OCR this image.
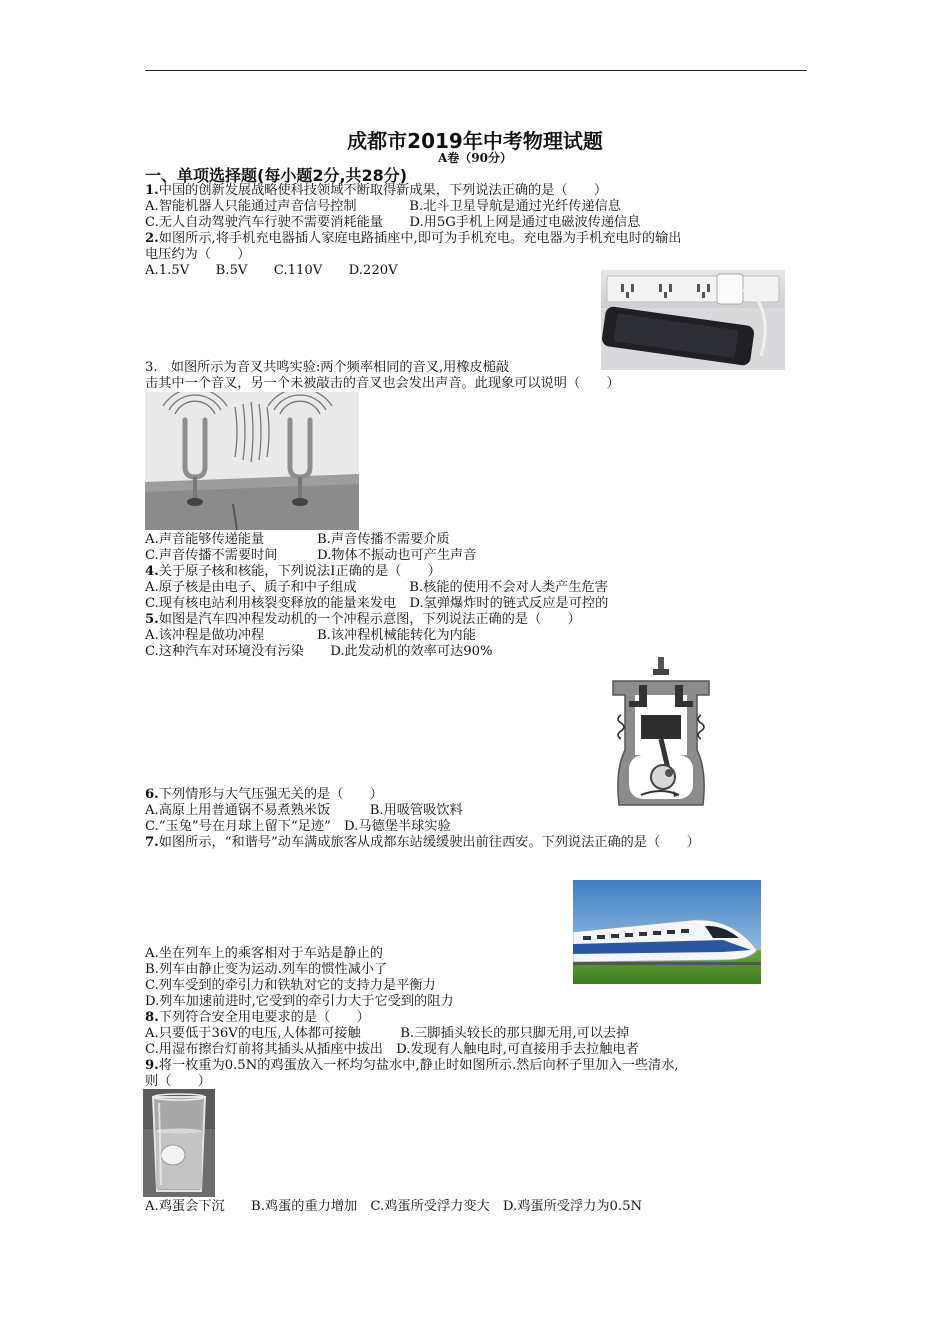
成都市2019年中考物理试题
A卷（90分）
一、单项选择题(每小题2分,共28分)
1.中国的创新发展战略使科技领域不断取得新成果，下列说法正确的是（　　）
A.智能机器人只能通过声音信号控制　　　　B.北斗卫星导航是通过光纤传递信息
C.无人自动驾驶汽车行驶不需要消耗能量　　D.用5G手机上网是通过电磁波传递信息
2.如图所示,将手机充电器插人家庭电路插座中,即可为手机充电。充电器为手机充电时的输出
电压约为（　　）
A.1.5V　　B.5V　　C.110V　　D.220V
3.　如图所示为音叉共鸣实验:两个频率相同的音叉,用橡皮槌敲
击其中一个音叉，另一个未被敲击的音叉也会发出声音。此现象可以说明（　　）
A.声音能够传递能量　　　　B.声音传播不需要介质
C.声音传播不需要时间　　　D.物体不振动也可产生声音
4.关于原子核和核能，下列说法Ⅰ正确的是（　　）
A.原子核是由电子、质子和中子组成　　　　B.核能的使用不会对人类产生危害
C.现有核电站利用核裂变释放的能量来发电　D.氢弹爆炸时的链式反应是可控的
5.如图是汽车四冲程发动机的一个冲程示意图，下列说法正确的是（　　）
A.该冲程是做功冲程　　　　B.该冲程机械能转化为内能
C.这种汽车对环境没有污染　　D.此发动机的效率可达90%
6.下列情形与大气压强无关的是（　　）
A.高原上用普通锅不易煮熟米饭　　　B.用吸管吸饮料
C.“玉兔”号在月球上留下“足迹”　D.马德堡半球实验
7.如图所示，“和谐号”动车满成旅客从成都东站缓缓驶出前往西安。下列说法正确的是（　　）
A.坐在列车上的乘客相对于车站是静止的
B.列车由静止变为运动.列车的惯性减小了
C.列车受到的牵引力和铁轨对它的支持力是平衡力
D.列车加速前进时,它受到的牵引力大于它受到的阻力
8.下列符合安全用电要求的是（　　）
A.只要低于36V的电压,人体都可接触　　　B.三脚插头较长的那只脚无用,可以去掉
C.用湿布擦台灯前将其插头从插座中拔出　D.发现有人触电时,可直接用手去拉触电者
9.将一枚重为0.5N的鸡蛋放入一杯均匀盐水中,静止时如图所示.然后向杯子里加入一些清水,
则（　　）
A.鸡蛋会下沉　　B.鸡蛋的重力增加　C.鸡蛋所受浮力变大　D.鸡蛋所受浮力为0.5N
